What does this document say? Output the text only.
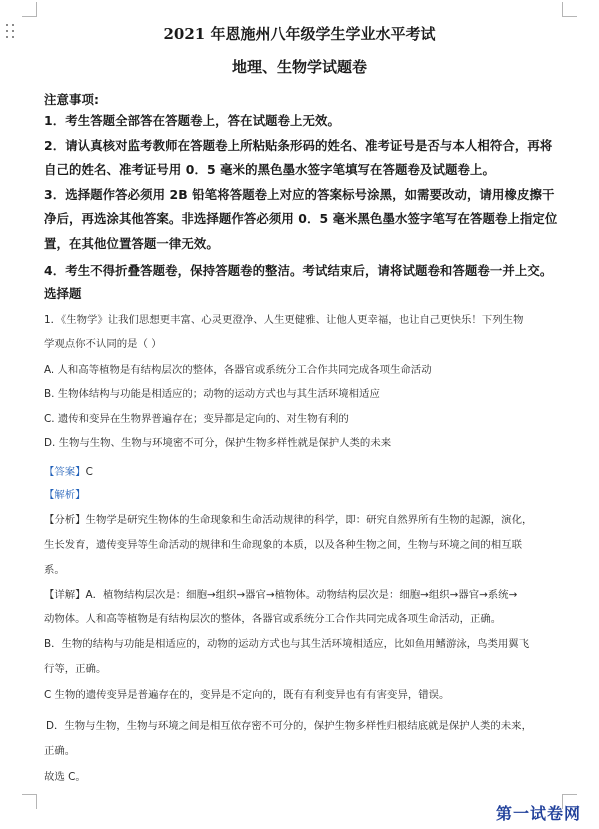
2021 年恩施州八年级学生学业水平考试
地理、生物学试题卷
注意事项:
1．考生答题全部答在答题卷上，答在试题卷上无效。
2．请认真核对监考教师在答题卷上所粘贴条形码的姓名、准考证号是否与本人相符合，再将
自己的姓名、准考证号用 0．5 毫米的黑色墨水签字笔填写在答题卷及试题卷上。
3．选择题作答必须用 2B 铅笔将答题卷上对应的答案标号涂黑，如需要改动，请用橡皮擦干
净后，再选涂其他答案。非选择题作答必须用 0．5 毫米黑色墨水签字笔写在答题卷上指定位
置，在其他位置答题一律无效。
4．考生不得折叠答题卷，保持答题卷的整洁。考试结束后，请将试题卷和答题卷一并上交。
选择题
1．《生物学》让我们思想更丰富、心灵更澄净、人生更健雅、让他人更幸福，也让自己更快乐！下列生物
学观点你不认同的是（ ）
A. 人和高等植物是有结构层次的整体，各器官或系统分工合作共同完成各项生命活动
B. 生物体结构与功能是相适应的；动物的运动方式也与其生活环境相适应
C. 遗传和变异在生物界普遍存在；变异都是定向的、对生物有利的
D. 生物与生物、生物与环境密不可分，保护生物多样性就是保护人类的未来
【答案】C
【解析】
【分析】生物学是研究生物体的生命现象和生命活动规律的科学，即：研究自然界所有生物的起源，演化，
生长发育，遗传变异等生命活动的规律和生命现象的本质，以及各种生物之间，生物与环境之间的相互联
系。
【详解】A．植物结构层次是：细胞→组织→器官→植物体。动物结构层次是：细胞→组织→器官→系统→
动物体。人和高等植物是有结构层次的整体，各器官或系统分工合作共同完成各项生命活动，正确。
B．生物的结构与功能是相适应的，动物的运动方式也与其生活环境相适应，比如鱼用鳍游泳，鸟类用翼飞
行等，正确。
C 生物的遗传变异是普遍存在的，变异是不定向的，既有有利变异也有有害变异，错误。
D．生物与生物，生物与环境之间是相互依存密不可分的，保护生物多样性归根结底就是保护人类的未来，
正确。
故选 C。
第一试卷网
